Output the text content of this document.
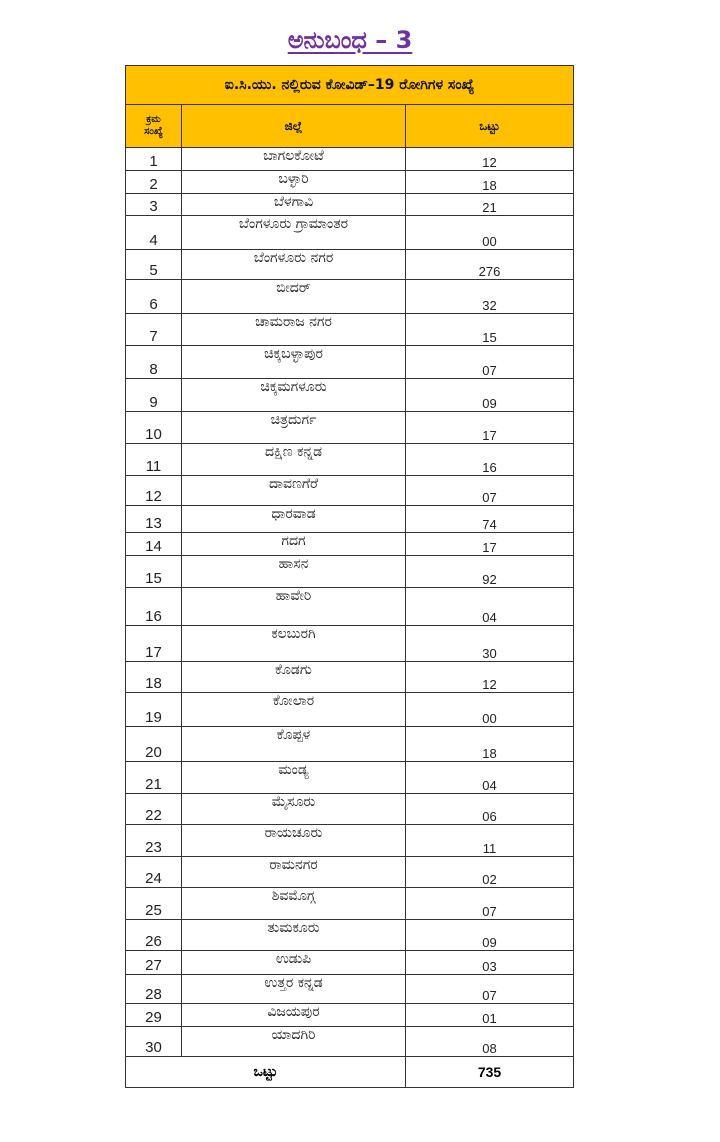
ಅನುಬಂಧ – 3
ಐ.ಸಿ.ಯು. ನಲ್ಲಿರುವ ಕೋವಿಡ್–19 ರೋಗಿಗಳ ಸಂಖ್ಯೆ		
ಕ್ರಮ
ಸಂಖ್ಯೆ	ಜಿಲ್ಲೆ	ಒಟ್ಟು
1	ಬಾಗಲಕೋಟೆ	12
2	ಬಳ್ಳಾರಿ	18
3	ಬೆಳಗಾವಿ	21
4	ಬೆಂಗಳೂರು ಗ್ರಾಮಾಂತರ	00
5	ಬೆಂಗಳೂರು ನಗರ	276
6	ಬೀದರ್	32
7	ಚಾಮರಾಜ ನಗರ	15
8	ಚಿಕ್ಕಬಳ್ಳಾಪುರ	07
9	ಚಿಕ್ಕಮಗಳೂರು	09
10	ಚಿತ್ರದುರ್ಗ	17
11	ದಕ್ಷಿಣ ಕನ್ನಡ	16
12	ದಾವಣಗೆರೆ	07
13	ಧಾರವಾಡ	74
14	ಗದಗ	17
15	ಹಾಸನ	92
16	ಹಾವೇರಿ	04
17	ಕಲಬುರಗಿ	30
18	ಕೊಡಗು	12
19	ಕೋಲಾರ	00
20	ಕೊಪ್ಪಳ	18
21	ಮಂಡ್ಯ	04
22	ಮೈಸೂರು	06
23	ರಾಯಚೂರು	11
24	ರಾಮನಗರ	02
25	ಶಿವಮೊಗ್ಗ	07
26	ತುಮಕೂರು	09
27	ಉಡುಪಿ	03
28	ಉತ್ತರ ಕನ್ನಡ	07
29	ವಿಜಯಪುರ	01
30	ಯಾದಗಿರಿ	08
ಒಟ್ಟು		735
